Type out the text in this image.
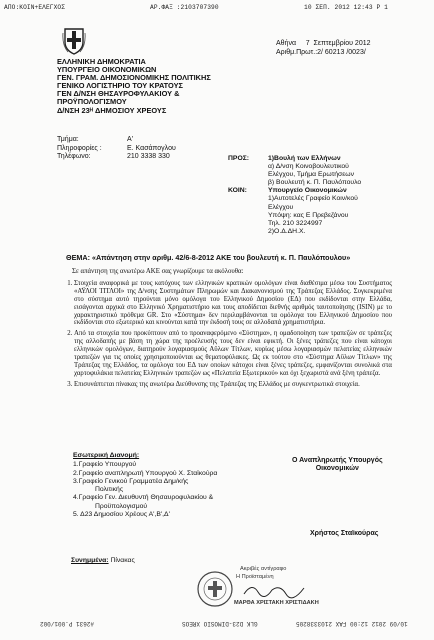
ΑΠΟ:ΚΟΙΝ+ΕΛΕΓΧΟΣ	ΑΡ.ΦΑΞ :2103707390	10 ΣΕΠ. 2012 12:43 Ρ 1
ΕΛΛΗΝΙΚΗ ΔΗΜΟΚΡΑΤΙΑ
ΥΠΟΥΡΓΕΙΟ ΟΙΚΟΝΟΜΙΚΩΝ
ΓΕΝ. ΓΡΑΜ. ΔΗΜΟΣΙΟΝΟΜΙΚΗΣ ΠΟΛΙΤΙΚΗΣ
ΓΕΝΙΚΟ ΛΟΓΙΣΤΗΡΙΟ ΤΟΥ ΚΡΑΤΟΥΣ
ΓΕΝ Δ/ΝΣΗ ΘΗΣΑΥΡΟΦΥΛΑΚΙΟΥ &
ΠΡΟΫΠΟΛΟΓΙΣΜΟΥ
Δ/ΝΣΗ 23ᴴ ΔΗΜΟΣΙΟΥ ΧΡΕΟΥΣ
Τμήμα:	Α'
Πληροφορίες :	Ε. Κασάπογλου
Τηλέφωνο:	210 3338 330
Αθήνα     7  Σεπτεμβρίου 2012
Αριθμ.Πρωτ.:2/ 60213 /0023/
ΠΡΟΣ:	1)Βουλή των Ελλήνων
α) Δ/νση Κοινοβουλευτικού
Ελέγχου, Τμήμα Ερωτήσεων
β) Βουλευτή κ. Π. Παυλόπουλο
ΚΟΙΝ:	Υπουργείο Οικονομικών
1)Αυτοτελές Γραφείο Κοιν/κού
Ελέγχου
Υπόψη: κας Ε Πρεβεζάνου
Τηλ. 210 3224997
2)Ο.Δ.ΔΗ.Χ.
ΘΕΜΑ: «Απάντηση στην αριθμ. 42/6-8-2012 ΑΚΕ του βουλευτή κ. Π. Παυλόπουλου»

Σε απάντηση της ανωτέρω ΑΚΕ σας γνωρίζουμε τα ακόλουθα:

1. Στοιχεία αναφορικά με τους κατόχους των ελληνικών κρατικών ομολόγων είναι διαθέσιμα μέσω του Συστήματος «ΑΫΛΟΙ ΤΙΤΛΟΙ» της Δ/νσης Συστημάτων Πληρωμών και Διακανονισμού της Τράπεζας Ελλάδος. Συγκεκριμένα στο σύστημα αυτό τηρούνται μόνο ομόλογα του Ελληνικού Δημοσίου (ΕΔ) που εκδίδονται στην Ελλάδα, εισάγονται αρχικά στο Ελληνικό Χρηματιστήριο και τους αποδίδεται διεθνής αριθμός ταυτοποίησης (ISIN) με το χαρακτηριστικό πρόθεμα GR. Στο «Σύστημα» δεν περιλαμβάνονται τα ομόλογα του Ελληνικού Δημοσίου που εκδίδονται στο εξωτερικό και κινούνται κατά την έκδοσή τους σε αλλοδαπά χρηματιστήρια.
2. Από τα στοιχεία που προκύπτουν από το προαναφερόμενο «Σύστημα», η ομαδοποίηση των τραπεζών σε τράπεζες της αλλοδαπής με βάση τη χώρα της προέλευσής τους δεν είναι εφικτή. Οι ξένες τράπεζες που είναι κάτοχοι ελληνικών ομολόγων, διατηρούν λογαριασμούς Αΰλων Τίτλων, κυρίως μέσω λογαριασμών πελατείας ελληνικών τραπεζών για τις οποίες χρησιμοποιούνται ως θεματοφύλακες. Ως εκ τούτου στο «Σύστημα Αΰλων Τίτλων» της Τράπεζας της Ελλάδος, τα ομόλογα του ΕΔ των οποίων κάτοχοι είναι ξένες τράπεζες, εμφανίζονται συνολικά στα χαρτοφυλάκια πελατείας Ελληνικών τραπεζών ως «Πελατεία Εξωτερικού» και όχι ξεχωριστά ανά ξένη τράπεζα.
3. Επισυνάπτεται πίνακας της ανωτέρω Διεύθυνσης της Τράπεζας της Ελλάδος με συγκεντρωτικά στοιχεία.
Εσωτερική Διανομή:
1.Γραφείο Υπουργού
2.Γραφείο αναπληρωτή Υπουργού Χ. Σταϊκούρα
3.Γραφείο Γενικού Γραμματέα Δημ/κής
Πολιτικής
4.Γραφείο Γεν. Διευθυντή Θησαυροφυλακίου &
Προϋπολογισμού
5. Δ23 Δημοσίου Χρέους Α',Β',Δ'
Ο Αναπληρωτής Υπουργός
Οικονομικών
Χρήστος Σταϊκούρας
Συνημμένα: Πίνακας
Ακριβές αντίγραφο
Η Προϊσταμένη
ΜΑΡΘΑ ΧΡΙΣΤΑΚΗ ΧΡΙΣΤΙΔΑΚΗ
#2631 P.001/002	GLK D23-DIMOSIO XREOS	10/09 2012 12:00 FAX 2103338205
